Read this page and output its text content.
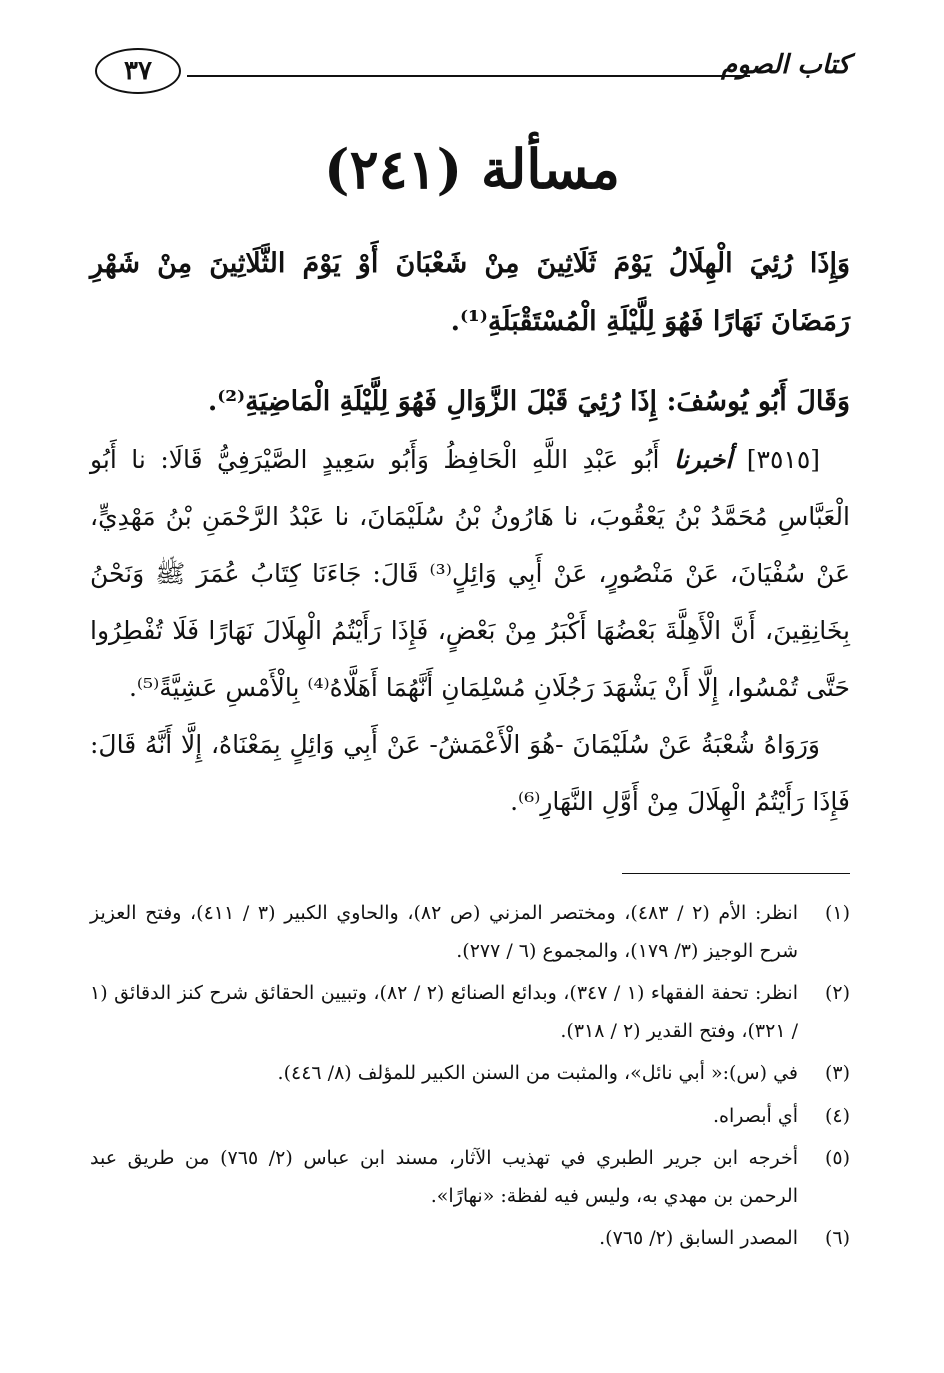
٣٧	كتاب الصوم
مسألة (٢٤١)

وَإِذَا رُئِيَ الْهِلَالُ يَوْمَ ثَلَاثِينَ مِنْ شَعْبَانَ أَوْ يَوْمَ الثَّلَاثِينَ مِنْ شَهْرِ رَمَضَانَ نَهَارًا فَهُوَ لِلَّيْلَةِ الْمُسْتَقْبَلَةِ⁽¹⁾.

وَقَالَ أَبُو يُوسُفَ: إِذَا رُئِيَ قَبْلَ الزَّوَالِ فَهُوَ لِلَّيْلَةِ الْمَاضِيَةِ⁽²⁾.

[٣٥١٥] أخبرنا أَبُو عَبْدِ اللَّهِ الْحَافِظُ وَأَبُو سَعِيدٍ الصَّيْرَفِيُّ قَالَا: نا أَبُو الْعَبَّاسِ مُحَمَّدُ بْنُ يَعْقُوبَ، نا هَارُونُ بْنُ سُلَيْمَانَ، نا عَبْدُ الرَّحْمَنِ بْنُ مَهْدِيٍّ، عَنْ سُفْيَانَ، عَنْ مَنْصُورٍ، عَنْ أَبِي وَائِلٍ⁽³⁾ قَالَ: جَاءَنَا كِتَابُ عُمَرَ ﷺ وَنَحْنُ بِخَانِقِينَ، أَنَّ الْأَهِلَّةَ بَعْضُهَا أَكْبَرُ مِنْ بَعْضٍ، فَإِذَا رَأَيْتُمُ الْهِلَالَ نَهَارًا فَلَا تُفْطِرُوا حَتَّى تُمْسُوا، إِلَّا أَنْ يَشْهَدَ رَجُلَانِ مُسْلِمَانِ أَنَّهُمَا أَهَلَّاهُ⁽⁴⁾ بِالْأَمْسِ عَشِيَّةً⁽⁵⁾.

وَرَوَاهُ شُعْبَةُ عَنْ سُلَيْمَانَ -هُوَ الْأَعْمَشُ- عَنْ أَبِي وَائِلٍ بِمَعْنَاهُ، إِلَّا أَنَّهُ قَالَ: فَإِذَا رَأَيْتُمُ الْهِلَالَ مِنْ أَوَّلِ النَّهَارِ⁽⁶⁾.

(١)
انظر: الأم (٢ / ٤٨٣)، ومختصر المزني (ص ٨٢)، والحاوي الكبير (٣ / ٤١١)، وفتح العزيز شرح الوجيز (٣/ ١٧٩)، والمجموع (٦ / ٢٧٧).
(٢)
انظر: تحفة الفقهاء (١ / ٣٤٧)، وبدائع الصنائع (٢ / ٨٢)، وتبيين الحقائق شرح كنز الدقائق (١ / ٣٢١)، وفتح القدير (٢ / ٣١٨).
(٣)
في (س):« أبي نائل»، والمثبت من السنن الكبير للمؤلف (٨/ ٤٤٦).
(٤)
أي أبصراه.
(٥)
أخرجه ابن جرير الطبري في تهذيب الآثار، مسند ابن عباس (٢/ ٧٦٥) من طريق عبد الرحمن بن مهدي به، وليس فيه لفظة: «نهارًا».
(٦)
المصدر السابق (٢/ ٧٦٥).
